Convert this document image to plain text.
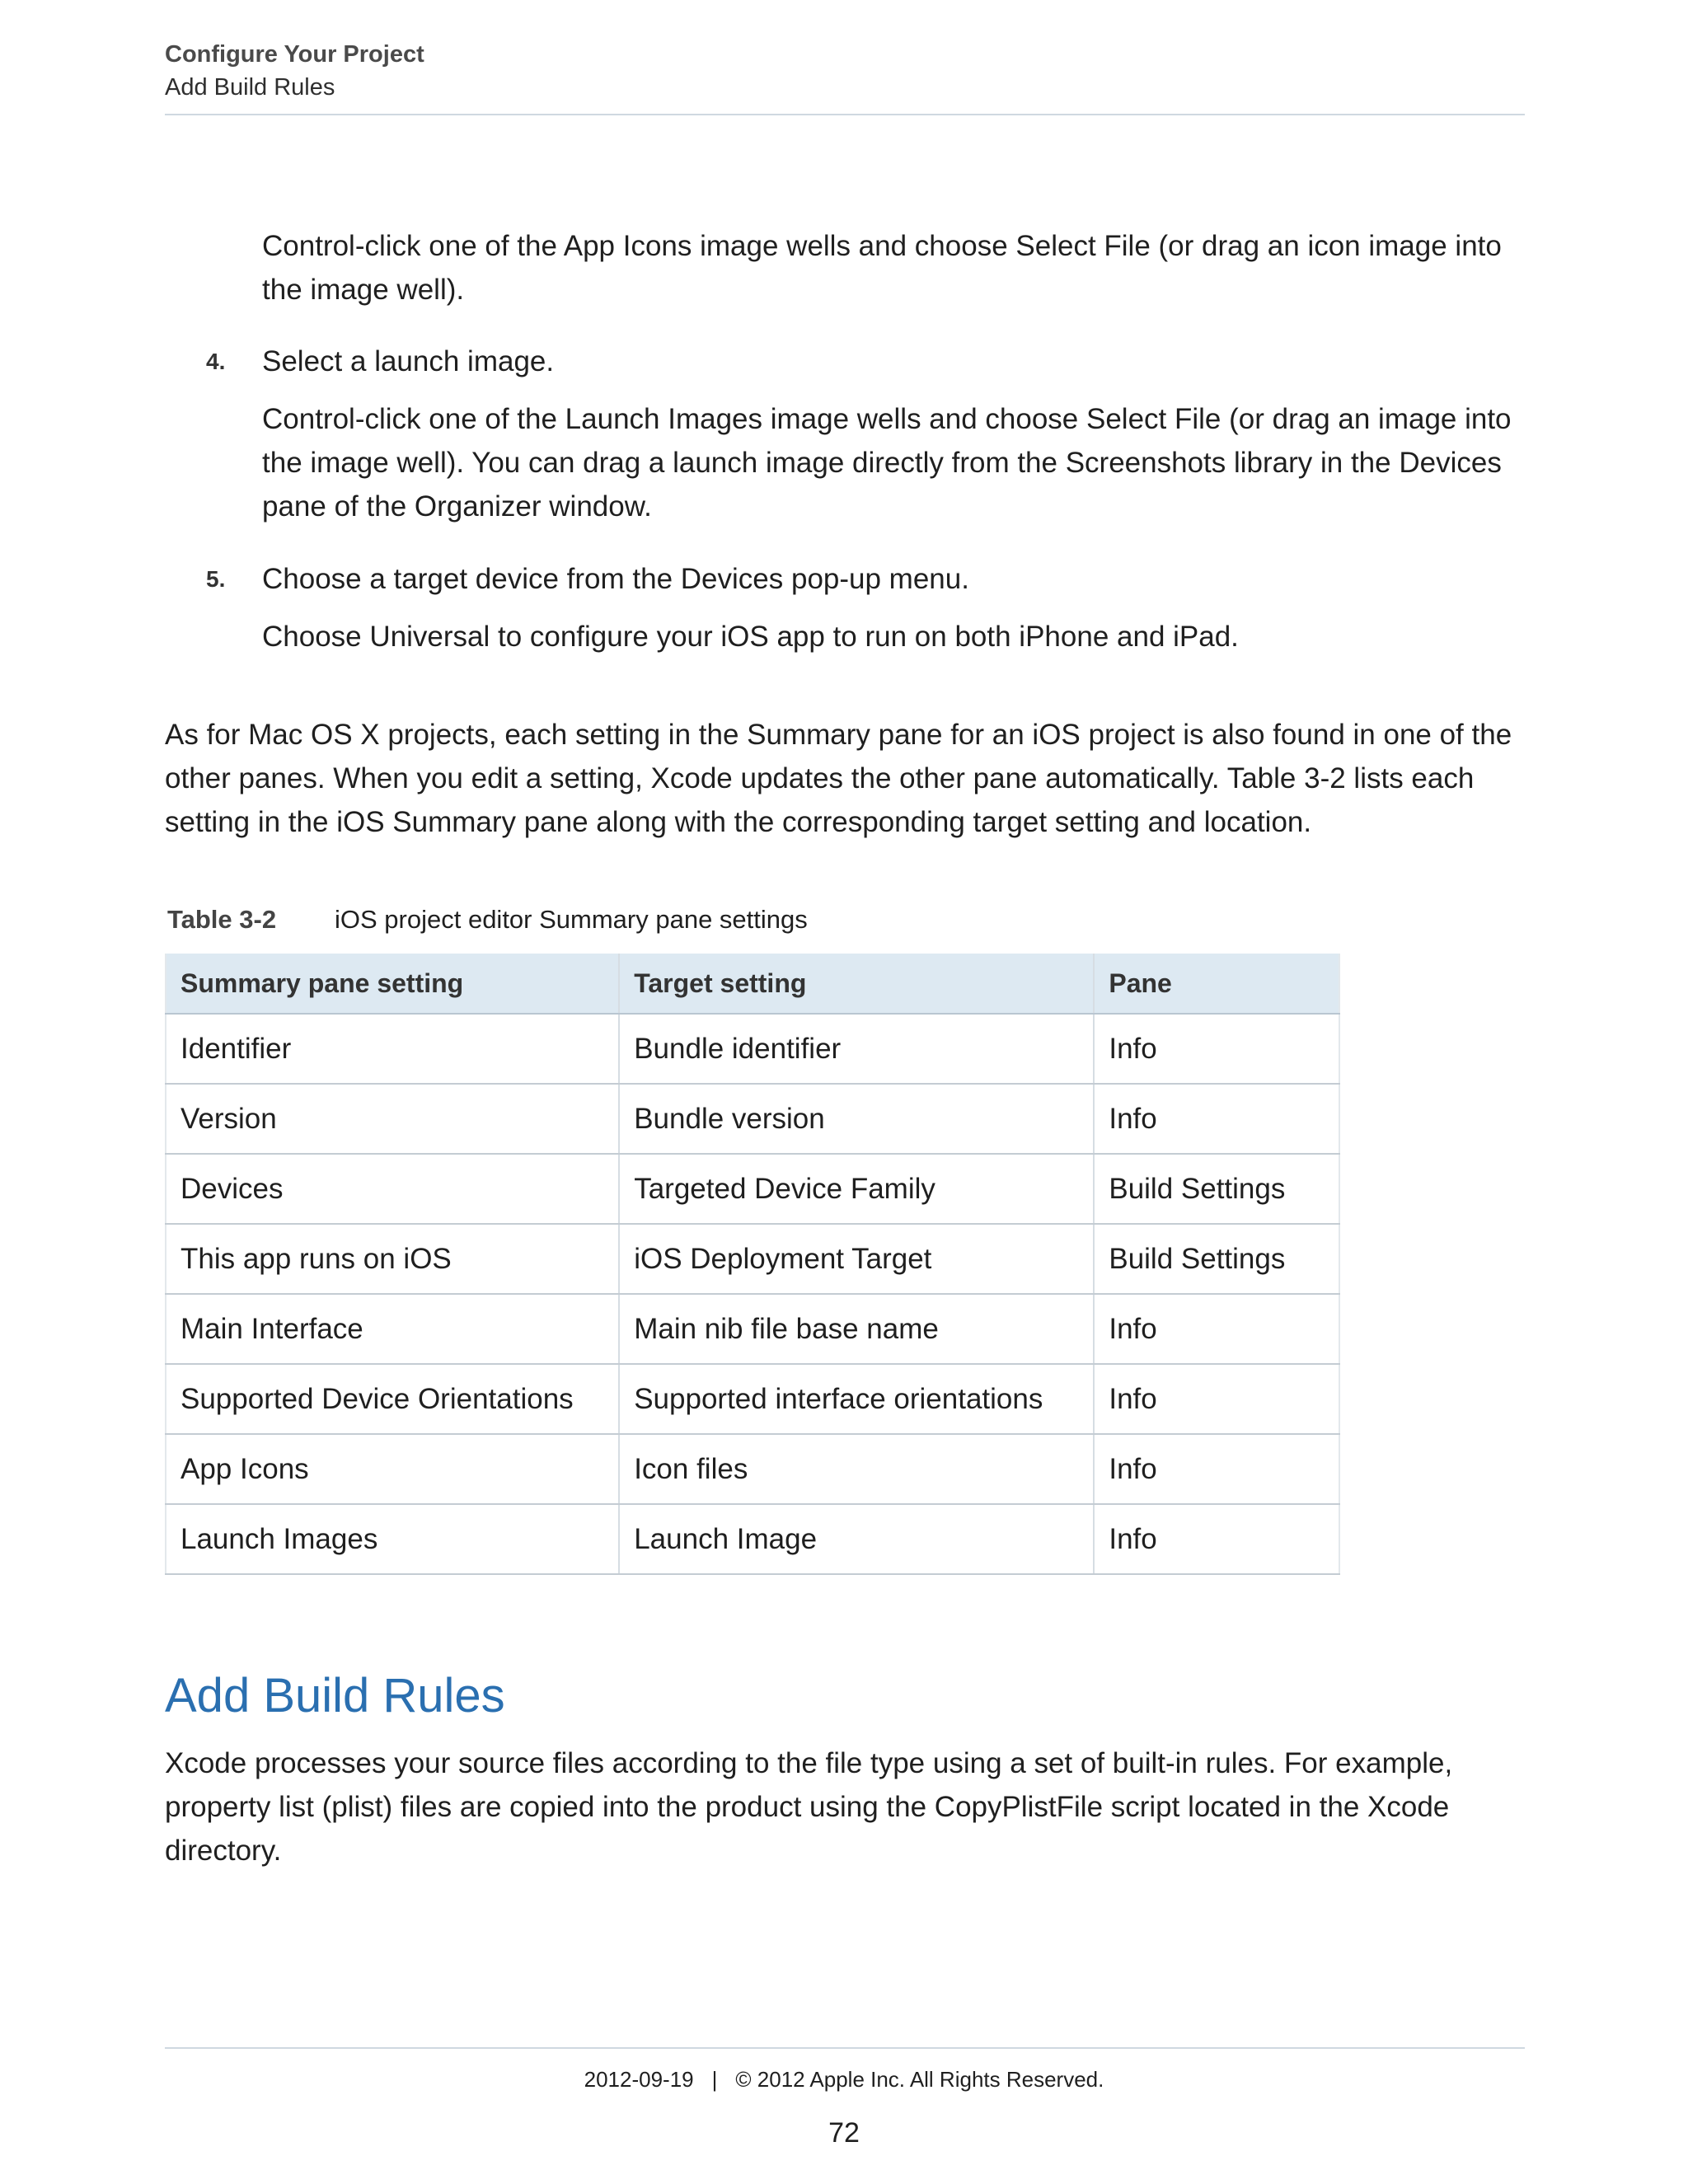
Configure Your Project
Add Build Rules
Control-click one of the App Icons image wells and choose Select File (or drag an icon image into the image well).
4. Select a launch image.
Control-click one of the Launch Images image wells and choose Select File (or drag an image into the image well). You can drag a launch image directly from the Screenshots library in the Devices pane of the Organizer window.
5. Choose a target device from the Devices pop-up menu.
Choose Universal to configure your iOS app to run on both iPhone and iPad.
As for Mac OS X projects, each setting in the Summary pane for an iOS project is also found in one of the other panes. When you edit a setting, Xcode updates the other pane automatically. Table 3-2 lists each setting in the iOS Summary pane along with the corresponding target setting and location.
Table 3-2 iOS project editor Summary pane settings
Summary pane setting	Target setting	Pane
Identifier	Bundle identifier	Info
Version	Bundle version	Info
Devices	Targeted Device Family	Build Settings
This app runs on iOS	iOS Deployment Target	Build Settings
Main Interface	Main nib file base name	Info
Supported Device Orientations	Supported interface orientations	Info
App Icons	Icon files	Info
Launch Images	Launch Image	Info
Add Build Rules
Xcode processes your source files according to the file type using a set of built-in rules. For example, property list (plist) files are copied into the product using the CopyPlistFile script located in the Xcode directory.
2012-09-19 | © 2012 Apple Inc. All Rights Reserved.
72
